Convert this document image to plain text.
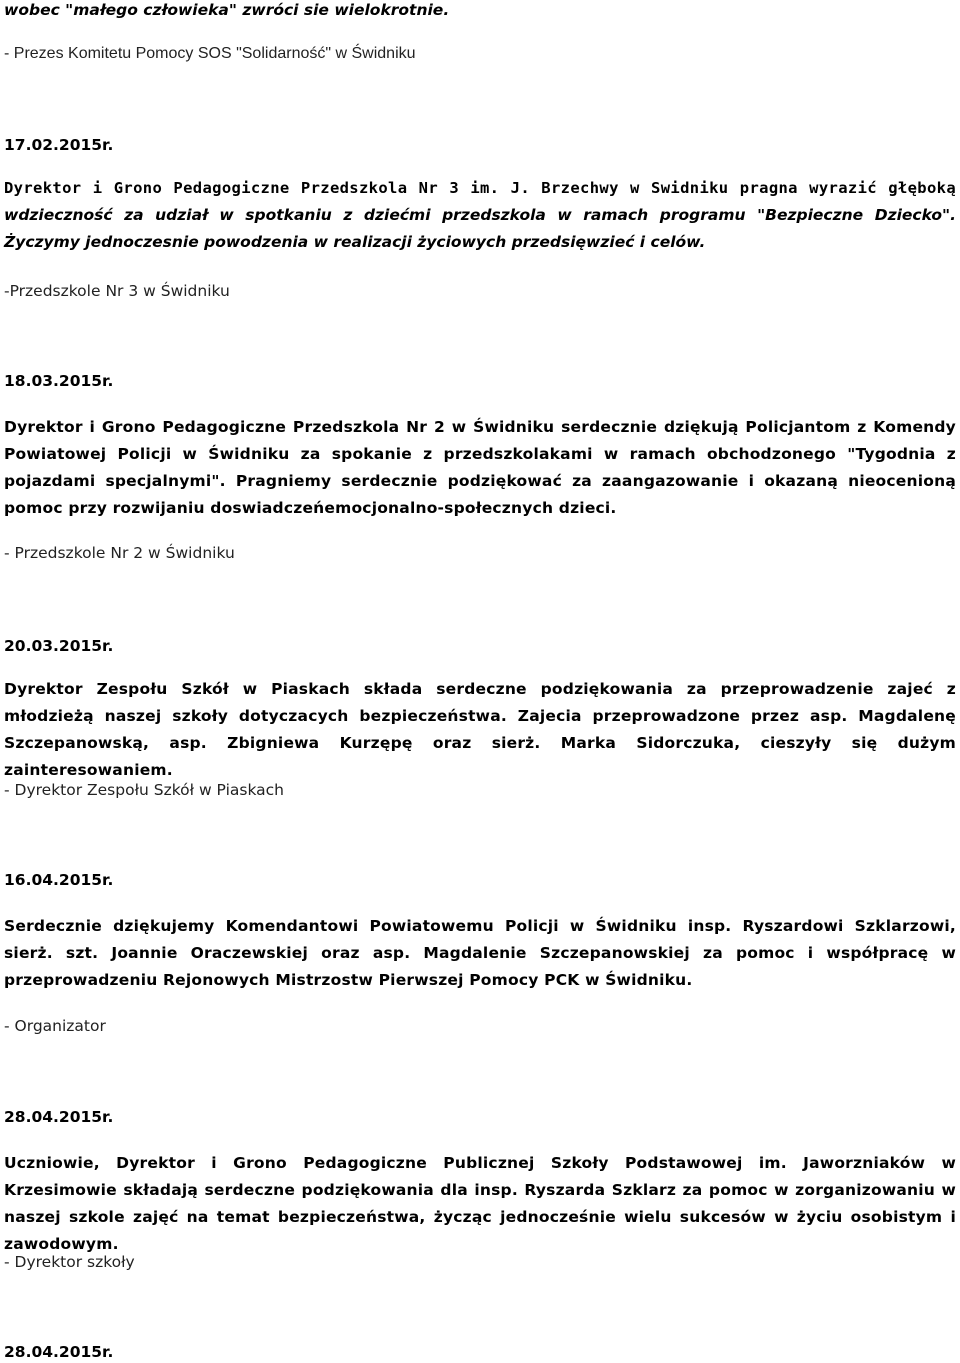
wobec "małego człowieka" zwróci sie wielokrotnie.

- Prezes Komitetu Pomocy SOS "Solidarność" w Świdniku

17.02.2015r.

Dyrektor i Grono Pedagogiczne Przedszkola Nr 3 im. J. Brzechwy w Swidniku pragna wyrazić głęboką wdzieczność za udział w spotkaniu z dziećmi przedszkola w ramach programu "Bezpieczne Dziecko". Życzymy jednoczesnie powodzenia w realizacji życiowych przedsięwzieć i celów.

-Przedszkole Nr 3 w Świdniku

18.03.2015r.

Dyrektor i Grono Pedagogiczne Przedszkola Nr 2 w Świdniku serdecznie dziękują Policjantom z Komendy Powiatowej Policji w Świdniku za spokanie z przedszkolakami w ramach obchodzonego "Tygodnia z pojazdami specjalnymi". Pragniemy serdecznie podziękować za zaangazowanie i okazaną nieocenioną pomoc przy rozwijaniu doswiadczeńemocjonalno-społecznych dzieci.

- Przedszkole Nr 2 w Świdniku

20.03.2015r.

Dyrektor Zespołu Szkół w Piaskach składa serdeczne podziękowania za przeprowadzenie zajeć z młodzieżą naszej szkoły dotyczacych bezpieczeństwa. Zajecia przeprowadzone przez asp. Magdalenę Szczepanowską, asp. Zbigniewa Kurzępę oraz sierż. Marka Sidorczuka, cieszyły się dużym zainteresowaniem.

- Dyrektor Zespołu Szkół w Piaskach

16.04.2015r.

Serdecznie dziękujemy Komendantowi Powiatowemu Policji w Świdniku insp. Ryszardowi Szklarzowi, sierż. szt. Joannie Oraczewskiej oraz asp. Magdalenie Szczepanowskiej za pomoc i współpracę w przeprowadzeniu Rejonowych Mistrzostw Pierwszej Pomocy PCK w Świdniku.

- Organizator

28.04.2015r.

Uczniowie, Dyrektor i Grono Pedagogiczne Publicznej Szkoły Podstawowej im. Jaworzniaków w Krzesimowie składają serdeczne podziękowania dla insp. Ryszarda Szklarz za pomoc w zorganizowaniu w naszej szkole zajęć na temat bezpieczeństwa, życząc jednocześnie wielu sukcesów w życiu osobistym i zawodowym.

- Dyrektor szkoły

28.04.2015r.
